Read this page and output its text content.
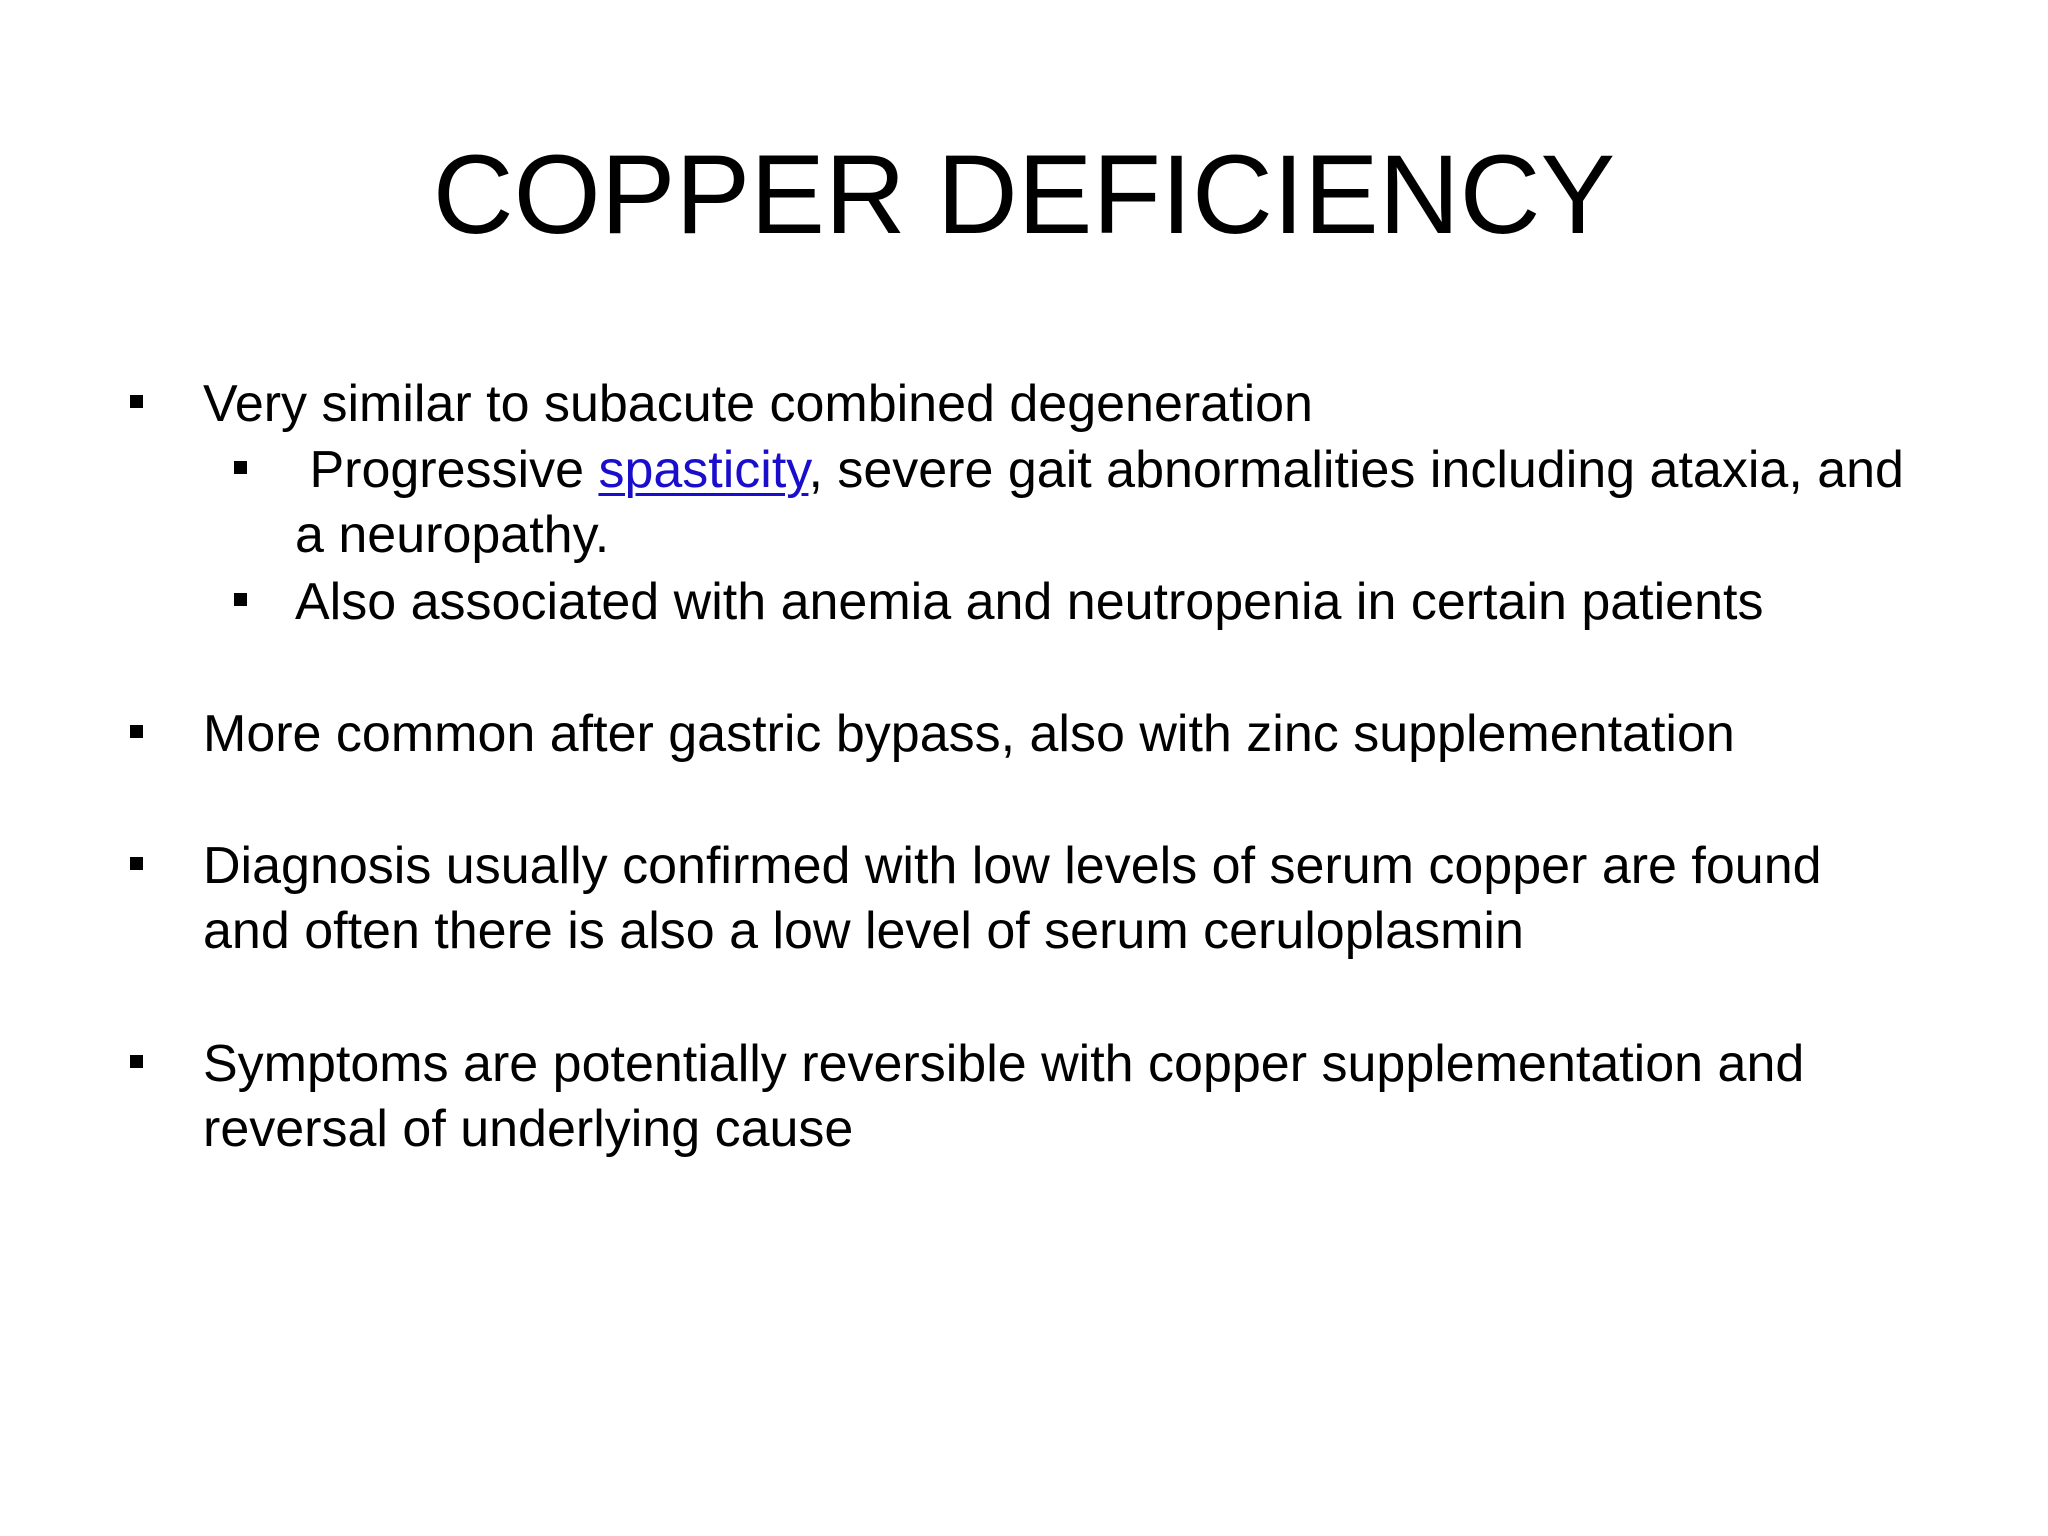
COPPER DEFICIENCY
Very similar to subacute combined degeneration
Progressive spasticity, severe gait abnormalities including ataxia, and
a neuropathy.
Also associated with anemia and neutropenia in certain patients
More common after gastric bypass, also with zinc supplementation
Diagnosis usually confirmed with low levels of serum copper are found
and often there is also a low level of serum ceruloplasmin
Symptoms are potentially reversible with copper supplementation and
reversal of underlying cause
